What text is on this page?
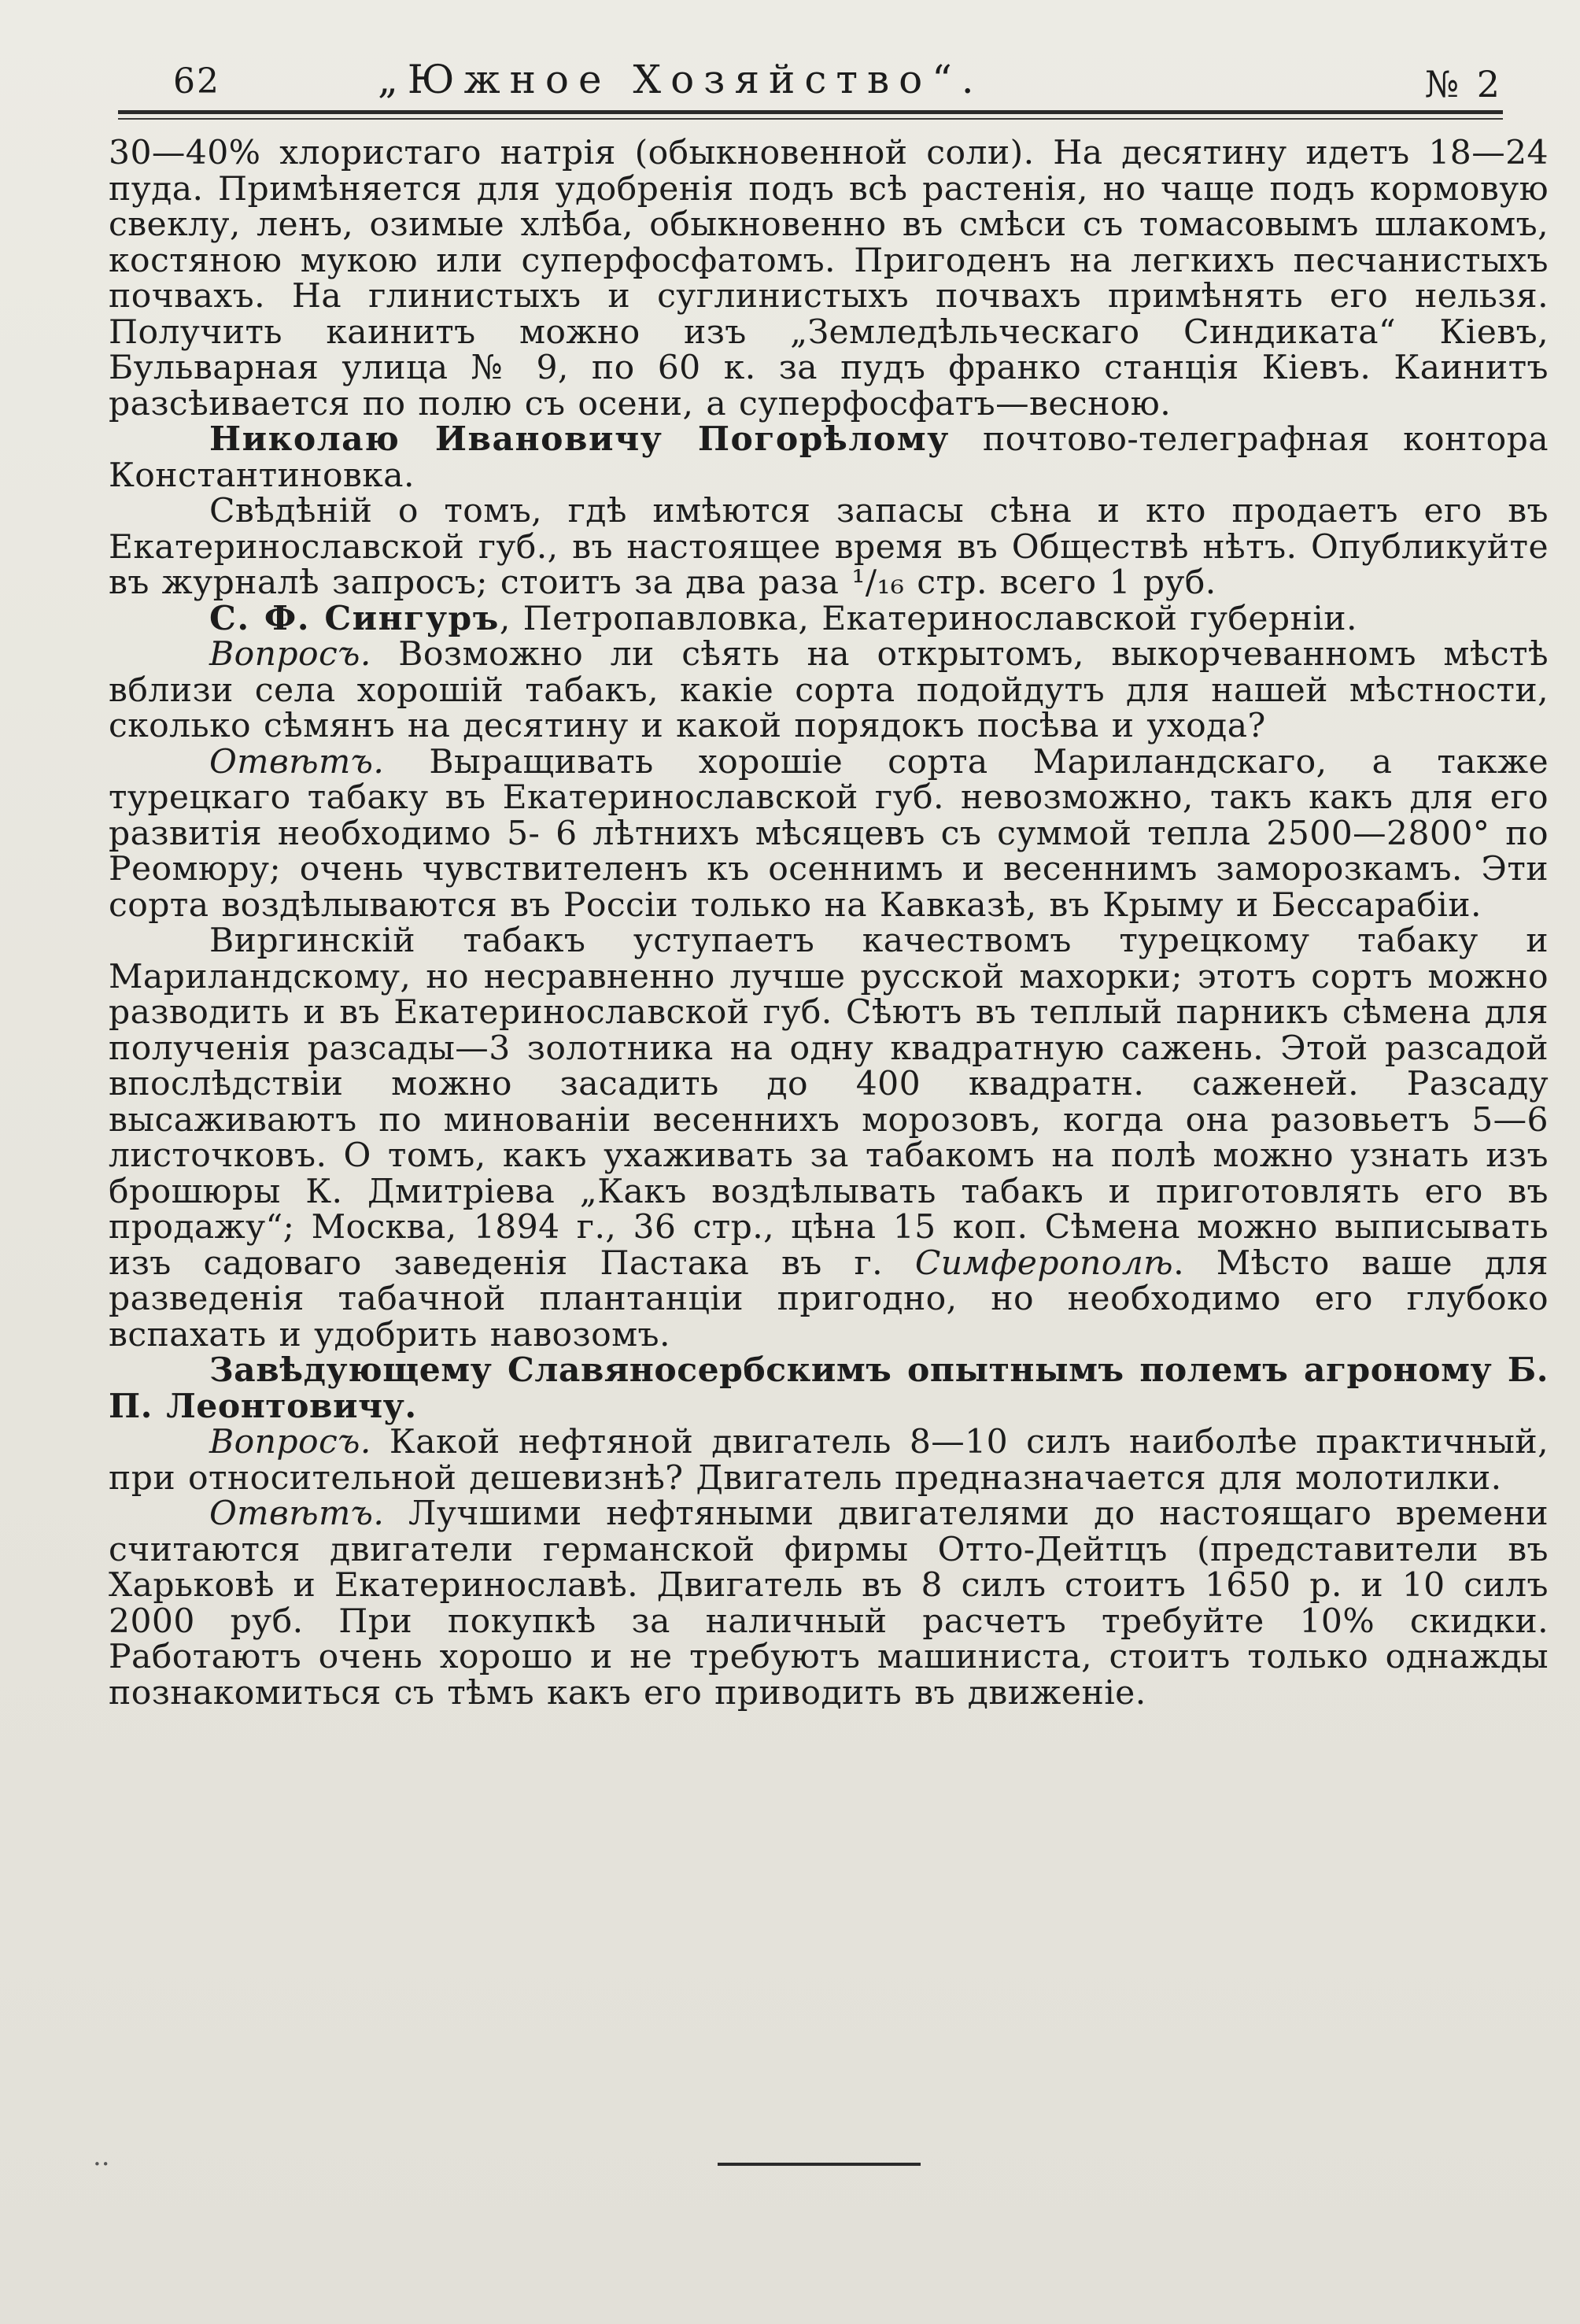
62	„Южное Хозяйство“.	№ 2

30—40% хлористаго натрія (обыкновенной соли). На десятину идетъ 18—24 пуда. Примѣняется для удобренія подъ всѣ растенія, но чаще подъ кормовую свеклу, ленъ, озимые хлѣба, обыкновенно въ смѣси съ томасовымъ шлакомъ, костяною мукою или суперфосфатомъ. Пригоденъ на легкихъ песчанистыхъ почвахъ. На глинистыхъ и суглинистыхъ почвахъ примѣнять его нельзя. Получить каинитъ можно изъ „Земледѣльческаго Синдиката“ Кіевъ, Бульварная улица № 9, по 60 к. за пудъ франко станція Кіевъ. Каинитъ разсѣивается по полю съ осени, а суперфосфатъ—весною.

Николаю Ивановичу Погорѣлому почтово-телеграфная контора Константиновка.

Свѣдѣній о томъ, гдѣ имѣются запасы сѣна и кто продаетъ его въ Екатеринославской губ., въ настоящее время въ Обществѣ нѣтъ. Опубликуйте въ журналѣ запросъ; стоитъ за два раза ¹/₁₆ стр. всего 1 руб.

С. Ф. Сингуръ, Петропавловка, Екатеринославской губерніи.

Вопросъ. Возможно ли сѣять на открытомъ, выкорчеванномъ мѣстѣ вблизи села хорошій табакъ, какіе сорта подойдутъ для нашей мѣстности, сколько сѣмянъ на десятину и какой порядокъ посѣва и ухода?

Отвѣтъ. Выращивать хорошіе сорта Мариландскаго, а также турецкаго табаку въ Екатеринославской губ. невозможно, такъ какъ для его развитія необходимо 5- 6 лѣтнихъ мѣсяцевъ съ суммой тепла 2500—2800° по Реомюру; очень чувствителенъ къ осеннимъ и весеннимъ заморозкамъ. Эти сорта воздѣлываются въ Россіи только на Кавказѣ, въ Крыму и Бессарабіи.

Виргинскій табакъ уступаетъ качествомъ турецкому табаку и Мариландскому, но несравненно лучше русской махорки; этотъ сортъ можно разводить и въ Екатеринославской губ. Сѣютъ въ теплый парникъ сѣмена для полученія разсады—3 золотника на одну квадратную сажень. Этой разсадой впослѣдствіи можно засадить до 400 квадратн. саженей. Разсаду высаживаютъ по минованіи весеннихъ морозовъ, когда она разовьетъ 5—6 листочковъ. О томъ, какъ ухаживать за табакомъ на полѣ можно узнать изъ брошюры К. Дмитріева „Какъ воздѣлывать табакъ и приготовлять его въ продажу“; Москва, 1894 г., 36 стр., цѣна 15 коп. Сѣмена можно выписывать изъ садоваго заведенія Пастака въ г. Симферополѣ. Мѣсто ваше для разведенія табачной плантанціи пригодно, но необходимо его глубоко вспахать и удобрить навозомъ.

Завѣдующему Славяносербскимъ опытнымъ полемъ агроному Б. П. Леонтовичу.

Вопросъ. Какой нефтяной двигатель 8—10 силъ наиболѣе практичный, при относительной дешевизнѣ? Двигатель предназначается для молотилки.

Отвѣтъ. Лучшими нефтяными двигателями до настоящаго времени считаются двигатели германской фирмы Отто-Дейтцъ (представители въ Харьковѣ и Екатеринославѣ. Двигатель въ 8 силъ стоитъ 1650 р. и 10 силъ 2000 руб. При покупкѣ за наличный расчетъ требуйте 10% скидки. Работаютъ очень хорошо и не требуютъ машиниста, стоитъ только однажды познакомиться съ тѣмъ какъ его приводить въ движеніе.

..
